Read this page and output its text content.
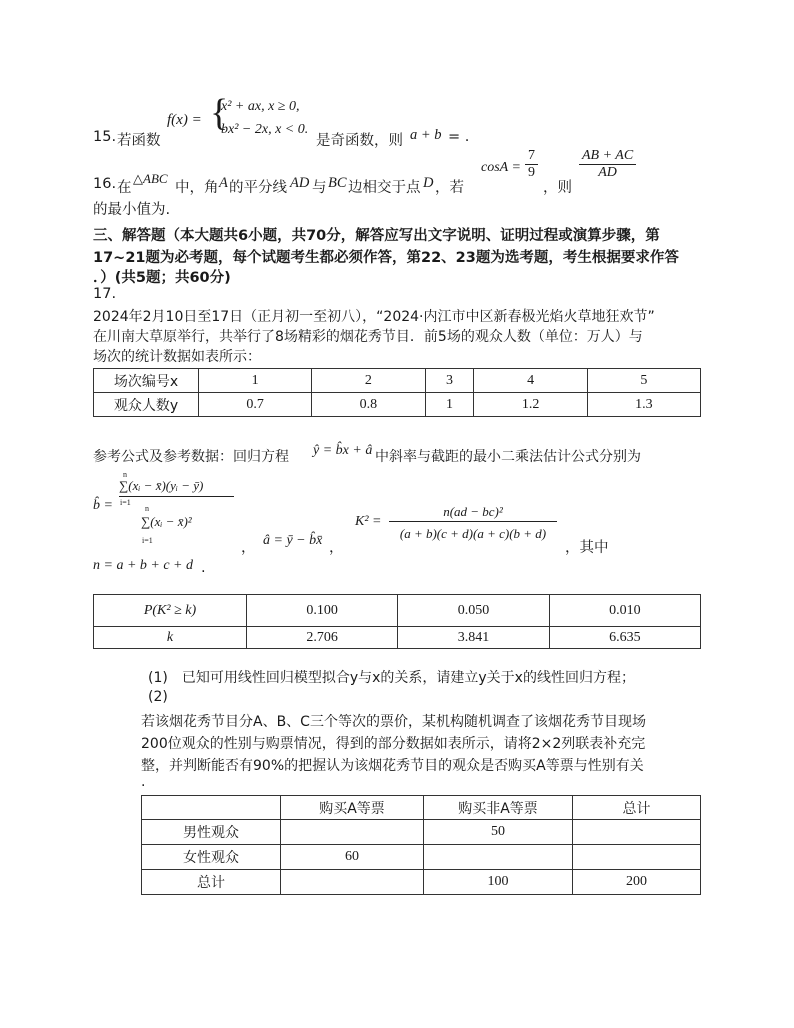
15. 若函数
f(x) = {
x² + ax, x ≥ 0,
bx² − 2x, x < 0.
是奇函数，则 a + b = .
16. 在
△ABC
中，角 A 的平分线 AD 与 BC 边相交于点 D ，若
$\cos A = \frac{7}{9}$
，则
$\frac{AB + AC}{AD}$
的最小值为.
三、解答题（本大题共6小题，共70分，解答应写出文字说明、证明过程或演算步骤，第
17~21题为必考题，每个试题考生都必须作答，第22、23题为选考题，考生根据要求作答
．）(共5题；共60分)
17.
2024年2月10日至17日（正月初一至初八），“2024·内江市中区新春极光焰火草地狂欢节”
在川南大草原举行，共举行了8场精彩的烟花秀节目．前5场的观众人数（单位：万人）与
场次的统计数据如表所示：
场次编号x	1	2	3	4	5
观众人数y	0.7	0.8	1	1.2	1.3
参考公式及参考数据：回归方程 ŷ = b̂x + â 中斜率与截距的最小二乘法估计公式分别为
b̂ =
n
i=1
∑(xᵢ − x̄)(yᵢ − ȳ)
n
i=1
∑(xᵢ − x̄)²
， â = ȳ − b̂x̄ ，
K² =
n(ad − bc)²
(a + b)(c + d)(a + c)(b + d)
，其中
n = a + b + c + d .
P(K² ≥ k)	0.100	0.050	0.010
k	2.706	3.841	6.635
(1)　已知可用线性回归模型拟合y与x的关系，请建立y关于x的线性回归方程；
(2)
若该烟花秀节目分A、B、C三个等次的票价，某机构随机调查了该烟花秀节目现场
200位观众的性别与购票情况，得到的部分数据如表所示，请将2×2列联表补充完
整，并判断能否有90%的把握认为该烟花秀节目的观众是否购买A等票与性别有关
.
	购买A等票	购买非A等票	总计
男性观众		50	
女性观众	60		
总计		100	200
